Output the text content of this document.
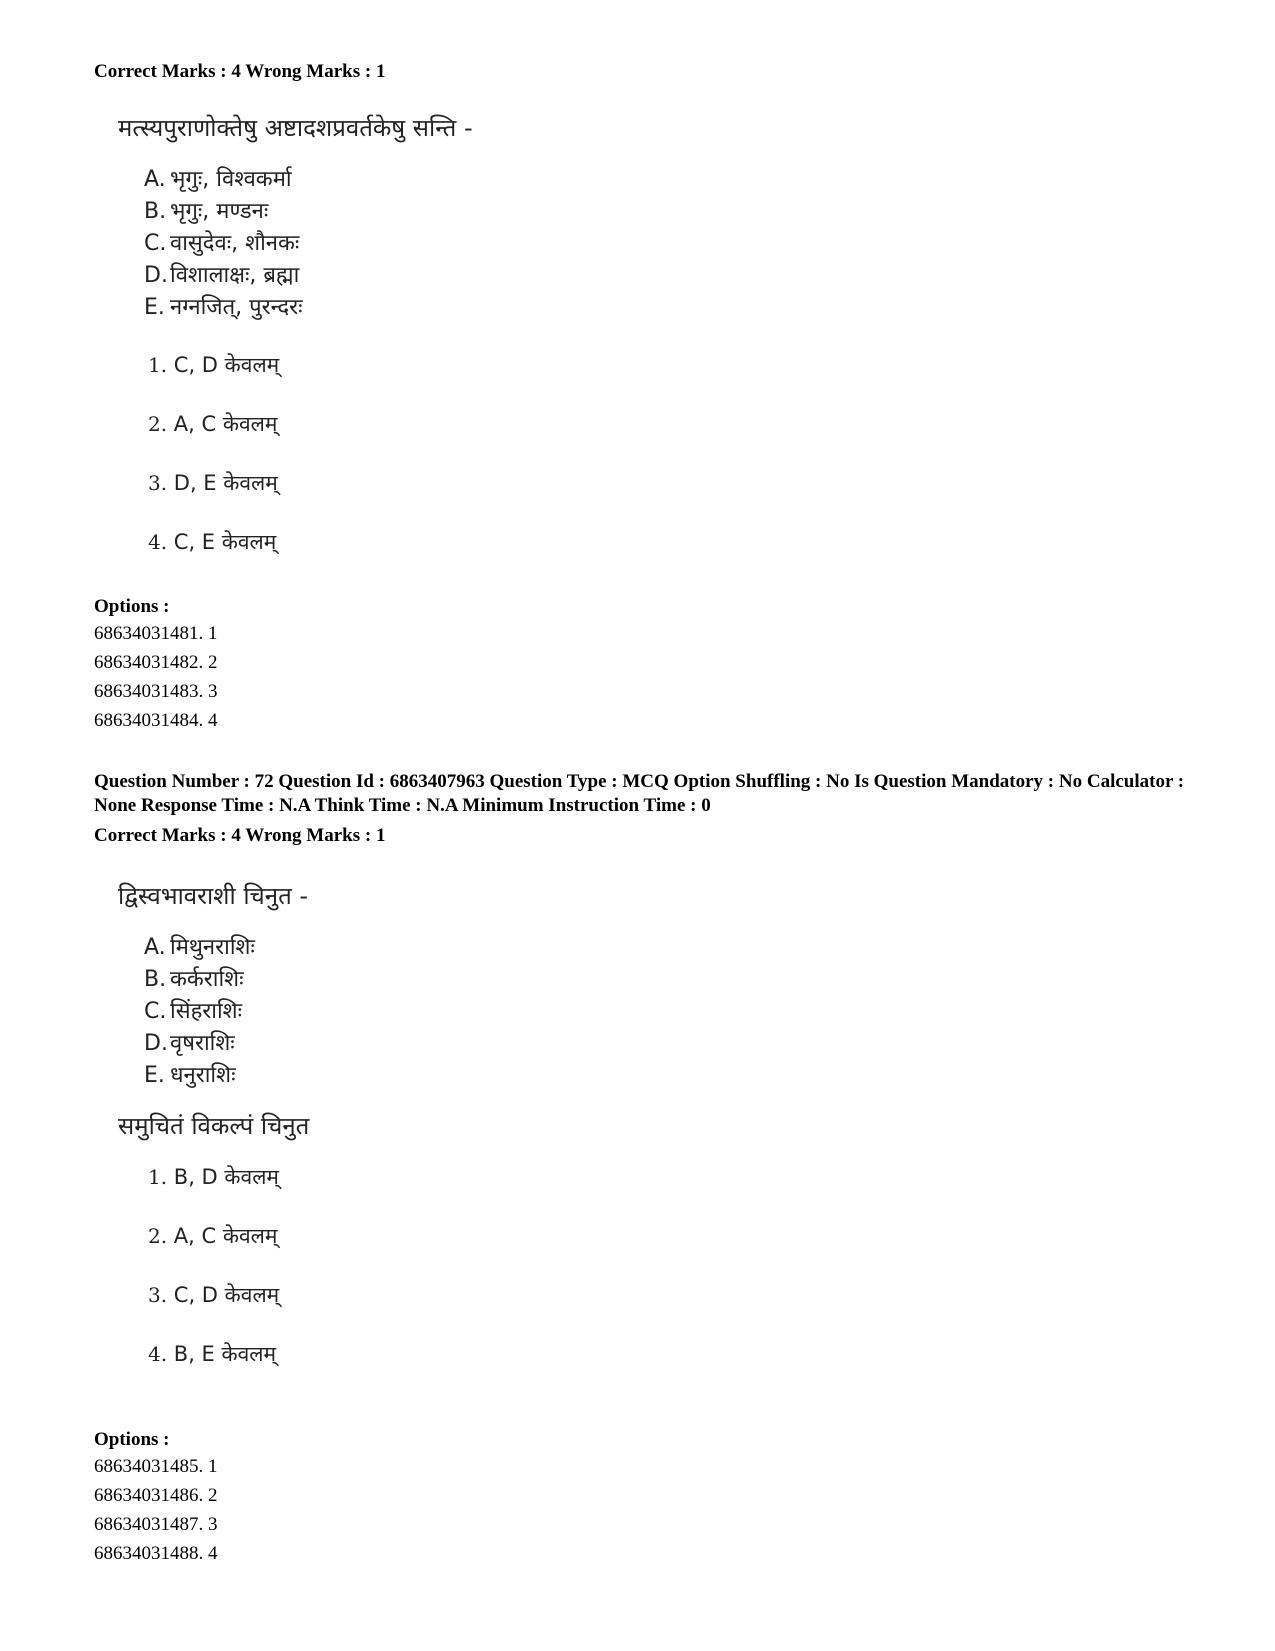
Correct Marks : 4 Wrong Marks : 1

मत्स्यपुराणोक्तेषु अष्टादशप्रवर्तकेषु सन्ति -

A. भृगुः, विश्वकर्मा
B. भृगुः, मण्डनः
C. वासुदेवः, शौनकः
D.विशालाक्षः, ब्रह्मा
E. नग्नजित्, पुरन्दरः
1. C, D केवलम्
2. A, C केवलम्
3. D, E केवलम्
4. C, E केवलम्

Options :

68634031481. 1

68634031482. 2

68634031483. 3

68634031484. 4

Question Number : 72 Question Id : 6863407963 Question Type : MCQ Option Shuffling : No Is Question Mandatory : No Calculator : None Response Time : N.A Think Time : N.A Minimum Instruction Time : 0

Correct Marks : 4 Wrong Marks : 1

द्विस्वभावराशी चिनुत -

A. मिथुनराशिः
B. कर्कराशिः
C. सिंहराशिः
D.वृषराशिः
E. धनुराशिः

समुचितं विकल्पं चिनुत

1. B, D केवलम्
2. A, C केवलम्
3. C, D केवलम्
4. B, E केवलम्

Options :

68634031485. 1

68634031486. 2

68634031487. 3

68634031488. 4
